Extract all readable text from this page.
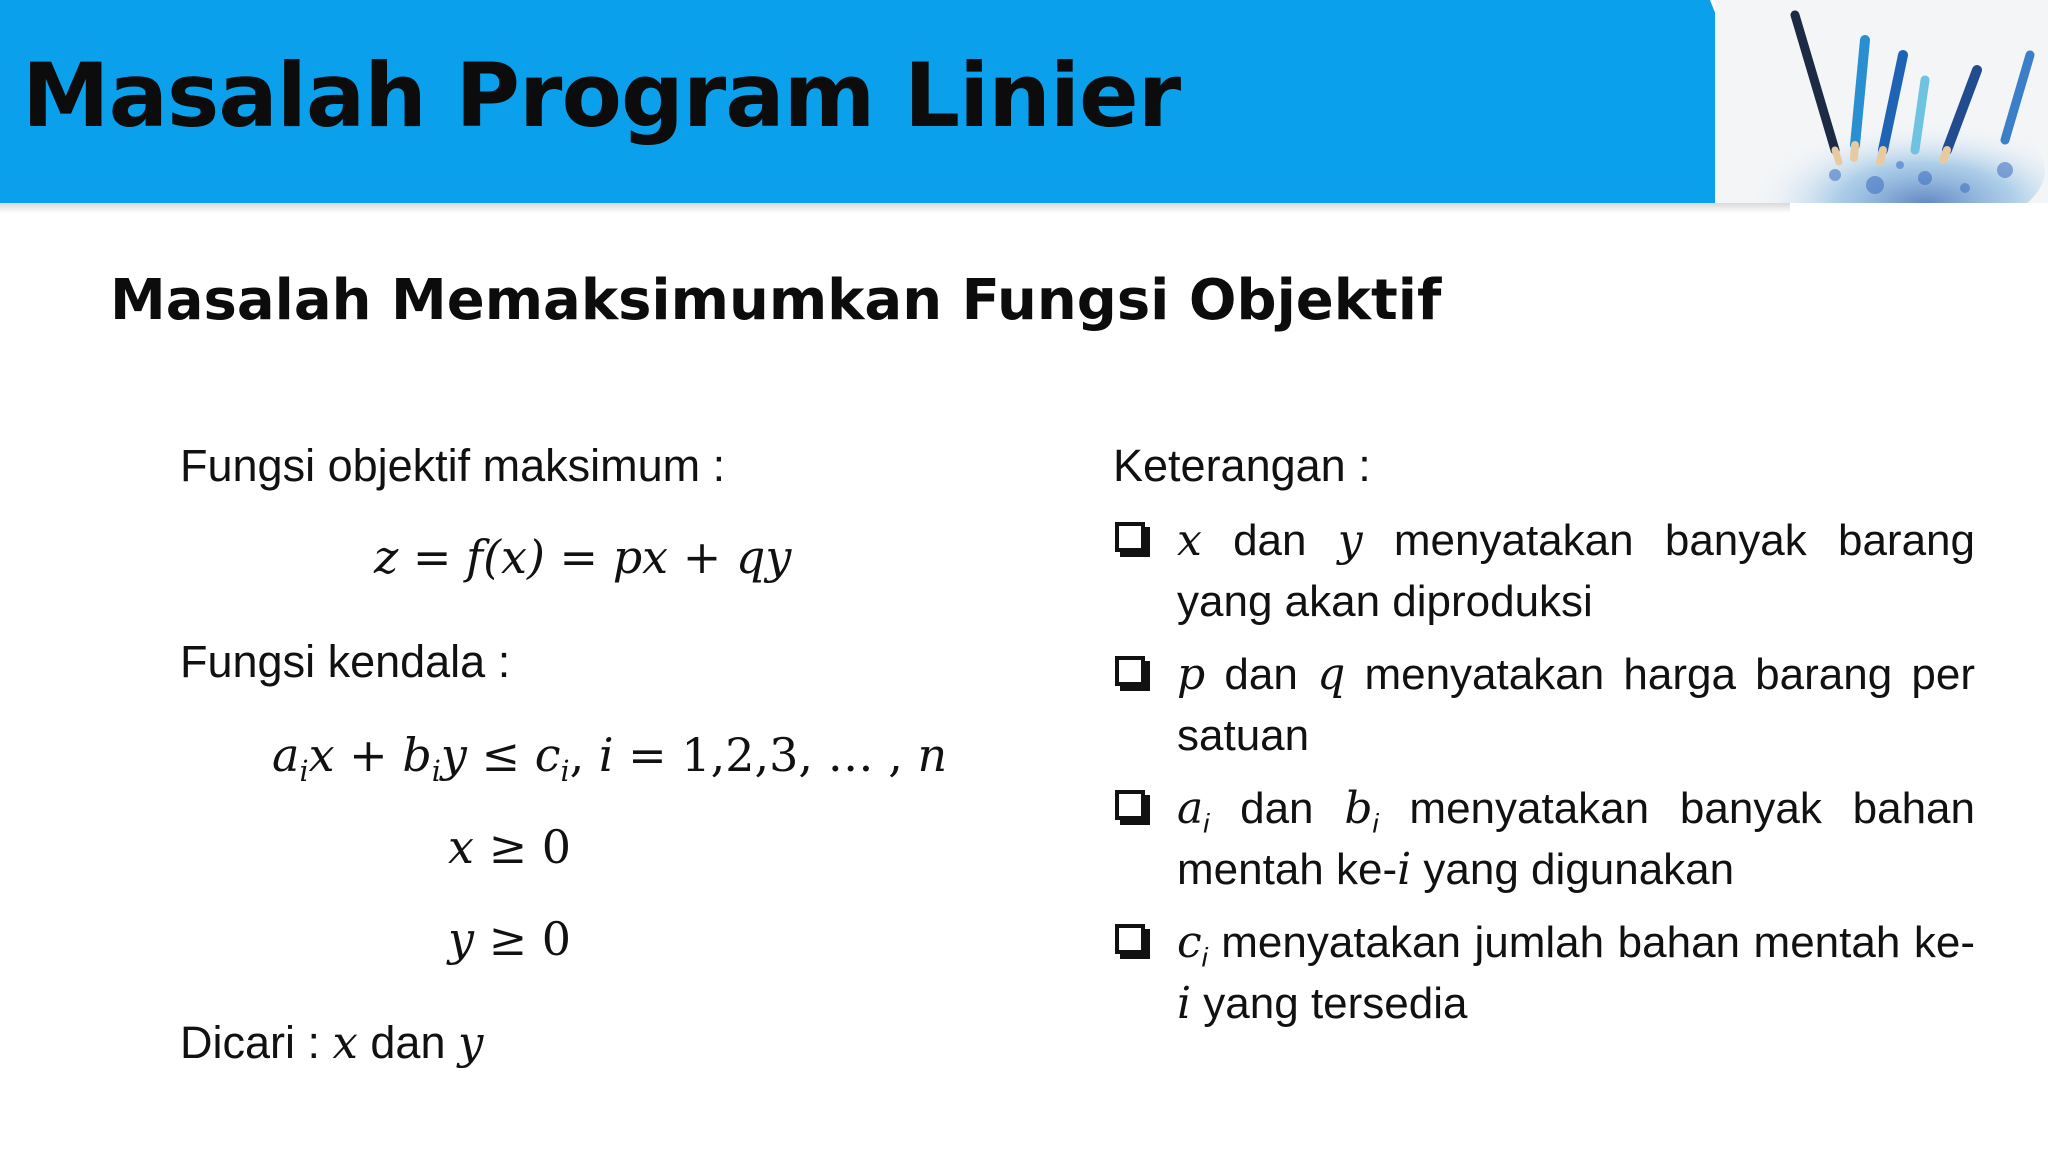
Masalah Program Linier
Masalah Memaksimumkan Fungsi Objektif
Fungsi objektif maksimum :
z = f(x) = px + qy
Fungsi kendala :
$a_ix + b_iy \le c_i$, i = 1,2,3, … , n
x ≥ 0
y ≥ 0
Dicari : x dan y
Keterangan :
x dan y menyatakan banyak barang yang akan diproduksi
p dan q menyatakan harga barang per satuan
$a_i$ dan $b_i$ menyatakan banyak bahan mentah ke-i yang digunakan
$c_i$ menyatakan jumlah bahan mentah ke-i yang tersedia
